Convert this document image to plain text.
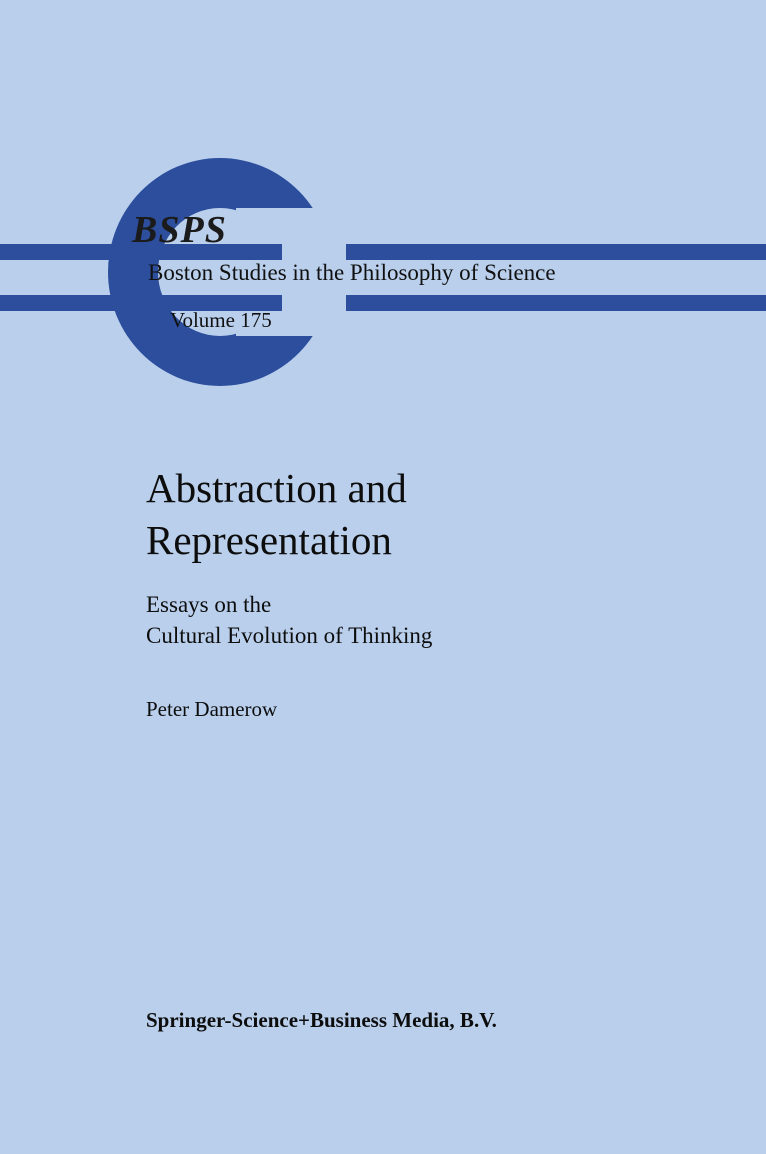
BSPS
Boston Studies in the Philosophy of Science
Volume 175
Abstraction and
Representation

Essays on the
Cultural Evolution of Thinking

Peter Damerow

Springer-Science+Business Media, B.V.
